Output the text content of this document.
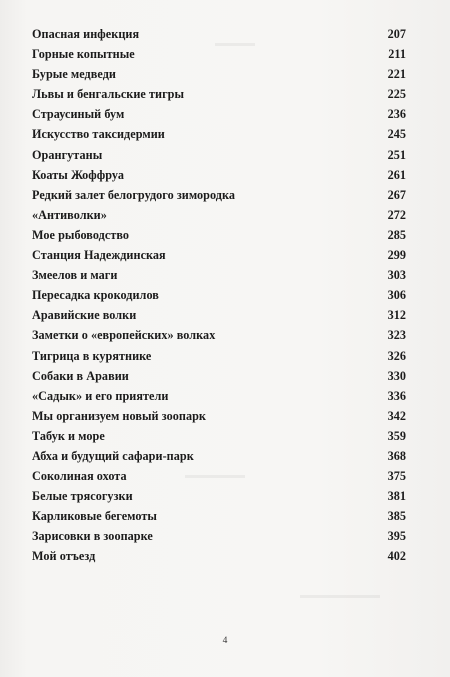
Опасная инфекция	207
Горные копытные	211
Бурые медведи	221
Львы и бенгальские тигры	225
Страусиный бум	236
Искусство таксидермии	245
Орангутаны	251
Коаты Жоффруа	261
Редкий залет белогрудого зимородка	267
«Антиволки»	272
Мое рыбоводство	285
Станция Надеждинская	299
Змеелов и маги	303
Пересадка крокодилов	306
Аравийские волки	312
Заметки о «европейских» волках	323
Тигрица в курятнике	326
Собаки в Аравии	330
«Садык» и его приятели	336
Мы организуем новый зоопарк	342
Табук и море	359
Абха и будущий сафари-парк	368
Соколиная охота	375
Белые трясогузки	381
Карликовые бегемоты	385
Зарисовки в зоопарке	395
Мой отъезд	402
4
